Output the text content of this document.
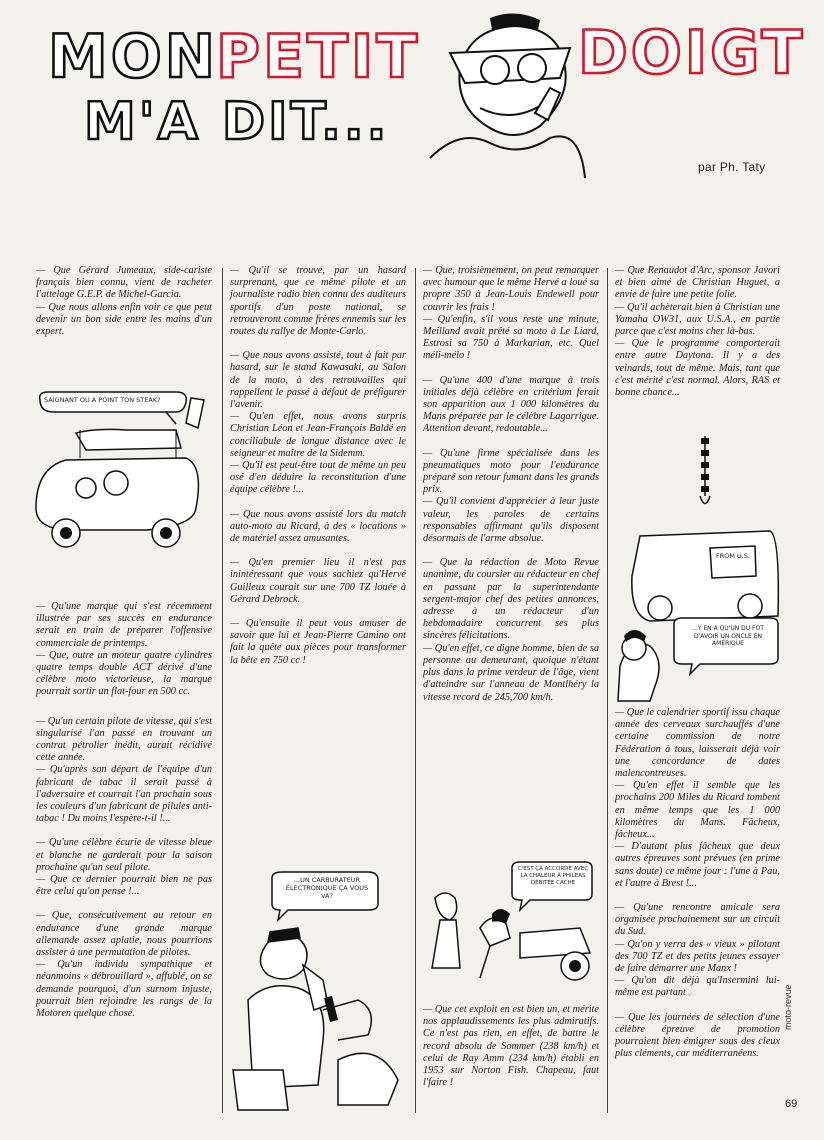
MON
PETIT	DOIGT
M'A DIT...
par Ph. Taty

— Que Gérard Jumeaux, side-cariste français bien connu, vient de racheter l'attelage G.E.P. de Michel-Garcia.

— Que nous allons enfin voir ce que peut devenir un bon side entre les mains d'un expert.

SAIGNANT OU A POINT TON STEAK?

— Qu'une marque qui s'est récemment illustrée par ses succès en endurance serait en train de préparer l'offensive commerciale de printemps.

— Que, outre un moteur quatre cylindres quatre temps double ACT dérivé d'une célèbre moto victorieuse, la marque pourrait sortir un flat-four en 500 cc.

— Qu'un certain pilote de vitesse, qui s'est singularisé l'an passé en trouvant un contrat pétrolier inédit, aurait récidivé cette année.

— Qu'après son départ de l'équipe d'un fabricant de tabac il serait passé à l'adversaire et courrait l'an prochain sous les couleurs d'un fabricant de pilules anti-tabac ! Du moins l'espère-t-il !...

— Qu'une célèbre écurie de vitesse bleue et blanche ne garderait pour la saison prochaine qu'un seul pilote.

— Que ce dernier pourrait bien ne pas être celui qu'on pense !...

— Que, consécutivement au retour en endurance d'une grande marque allemande assez aplatie, nous pourrions assister à une permutation de pilotes.

— Qu'un individu sympathique et néanmoins « débrouillard », affublé, on se demande pourquoi, d'un surnom injuste, pourrait bien rejoindre les rangs de la Motoren quelque chose.

— Qu'il se trouve, par un hasard surprenant, que ce même pilote et un journaliste radio bien connu des auditeurs sportifs d'un poste national, se retrouveront comme frères ennemis sur les routes du rallye de Monte-Carlo.

— Que nous avons assisté, tout à fait par hasard, sur le stand Kawasaki, au Salon de la moto, à des retrouvailles qui rappellent le passé à défaut de préfigurer l'avenir.

— Qu'en effet, nous avons surpris Christian Léon et Jean-François Baldé en conciliabule de longue distance avec le seigneur et maître de la Sidemm.

— Qu'il est peut-être tout de même un peu osé d'en déduire la reconstitution d'une équipe célèbre !...

— Que nous avons assisté lors du match auto-moto au Ricard, à des « locations » de matériel assez amusantes.

— Qu'en premier lieu il n'est pas inintéressant que vous sachiez qu'Hervé Guilleux courait sur une 700 TZ louée à Gérard Debrock.

— Qu'ensuite il peut vous amuser de savoir que lui et Jean-Pierre Camino ont fait la quête aux pièces pour transformer la bête en 750 cc !

...UN CARBURATEUR ÉLECTRONIQUE ÇA VOUS VA?

— Que, troisièmement, on peut remarquer avec humour que le même Hervé a loué sa propre 350 à Jean-Louis Endewell pour couvrir les frais !

— Qu'enfin, s'il vous reste une minute, Meilland avait prêté sa moto à Le Liard, Estrosi sa 750 à Markarian, etc. Quel méli-mélo !

— Qu'une 400 d'une marque à trois initiales déjà célèbre en critérium ferait son apparition aux 1 000 kilomètres du Mans préparée par le célèbre Lagarrigue. Attention devant, redoutable...

— Qu'une firme spécialisée dans les pneumatiques moto pour l'endurance préparé son retour fumant dans les grands prix.

— Qu'il convient d'apprécier à leur juste valeur, les paroles de certains responsables affirmant qu'ils disposent désormais de l'arme absolue.

— Que la rédaction de Moto Revue unanime, du coursier au rédacteur en chef en passant par la superintendante sergent-major chef des petites annonces, adresse à un rédacteur d'un hebdomadaire concurrent ses plus sincères félicitations.

— Qu'en effet, ce digne homme, bien de sa personne au demeurant, quoique n'étant plus dans la prime verdeur de l'âge, vient d'atteindre sur l'anneau de Montlhéry la vitesse record de 245,700 km/h.

C'EST ÇA ACCORDE AVEC LA CHALEUR À PHILEAS DÉBITÉE CACHE

— Que cet exploit en est bien un, et mérite nos applaudissements les plus admiratifs. Ce n'est pas rien, en effet, de battre le record absolu de Sommer (238 km/h) et celui de Ray Amm (234 km/h) établi en 1953 sur Norton Fish. Chapeau, faut l'faire !

— Que Renaudot d'Arc, sponsor Javori et bien aimé de Christian Huguet, a envie de faire une petite folie.

— Qu'il achèterait bien à Christian une Yamaha OW31, aux U.S.A., en partie parce que c'est moins cher là-bas.

— Que le programme comporterait entre autre Daytona. Il y a des veinards, tout de même. Mais, tant que c'est mérité c'est normal. Alors, RAS et bonne chance...

FROM U.S.
...Y EN A QU'UN DU FOT D'AVOIR UN ONCLE EN AMÉRIQUE

— Que le calendrier sportif issu chaque année des cerveaux surchauffés d'une certaine commission de notre Fédération à tous, laisserait déjà voir une concordance de dates malencontreuses.

— Qu'en effet il semble que les prochains 200 Miles du Ricard tombent en même temps que les 1 000 kilomètres du Mans. Fâcheux, fâcheux...

— D'autant plus fâcheux que deux autres épreuves sont prévues (en prime sans doute) ce même jour : l'une à Pau, et l'autre à Brest !...

— Qu'une rencontre amicale sera organisée prochainement sur un circuit du Sud.

— Qu'on y verra des « vieux » pilotant des 700 TZ et des petits jeunes essayer de faire démarrer une Manx !

— Qu'on dit déjà qu'Insermini lui-même est partant .

— Que les journées de sélection d'une célèbre épreuve de promotion pourraient bien émigrer sous des cieux plus cléments, car méditerranéens.

moto-revue
69
